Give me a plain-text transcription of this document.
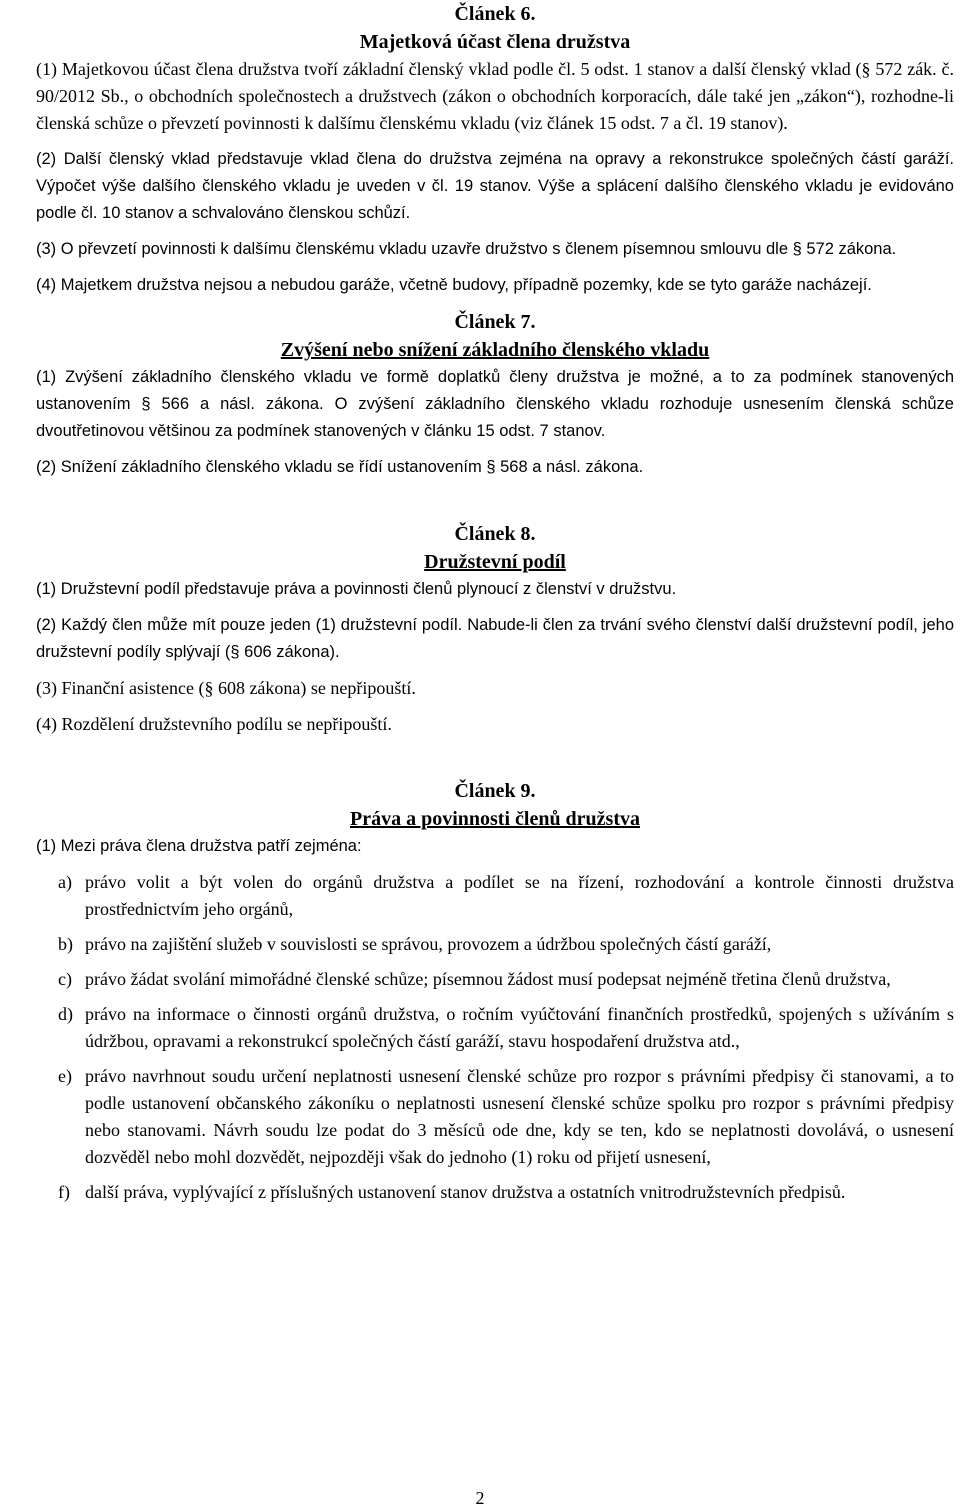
Článek 6.

Majetková účast člena družstva

(1) Majetkovou účast člena družstva tvoří základní členský vklad podle čl. 5 odst. 1 stanov a další členský vklad (§ 572 zák. č. 90/2012 Sb., o obchodních společnostech a družstvech (zákon o obchodních korporacích, dále také jen „zákon“), rozhodne-li členská schůze o převzetí povinnosti k dalšímu členskému vkladu (viz článek 15 odst. 7 a čl. 19 stanov).

(2) Další členský vklad představuje vklad člena do družstva zejména na opravy a rekonstrukce společných částí garáží. Výpočet výše dalšího členského vkladu je uveden v čl. 19 stanov. Výše a splácení dalšího členského vkladu je evidováno podle čl. 10 stanov a schvalováno členskou schůzí.

(3) O převzetí povinnosti k dalšímu členskému vkladu uzavře družstvo s členem písemnou smlouvu dle § 572 zákona.

(4) Majetkem družstva nejsou a nebudou garáže, včetně budovy, případně pozemky, kde se tyto garáže nacházejí.

Článek 7.

Zvýšení nebo snížení základního členského vkladu

(1) Zvýšení základního členského vkladu ve formě doplatků členy družstva je možné, a to za podmínek stanovených ustanovením § 566 a násl. zákona. O zvýšení základního členského vkladu rozhoduje usnesením členská schůze dvoutřetinovou většinou za podmínek stanovených v článku 15 odst. 7 stanov.

(2) Snížení základního členského vkladu se řídí ustanovením § 568 a násl. zákona.

Článek 8.

Družstevní podíl

(1) Družstevní podíl představuje práva a povinnosti členů plynoucí z členství v družstvu.

(2) Každý člen může mít pouze jeden (1) družstevní podíl. Nabude-li člen za trvání svého členství další družstevní podíl, jeho družstevní podíly splývají (§ 606 zákona).

(3) Finanční asistence (§ 608 zákona) se nepřipouští.

(4) Rozdělení družstevního podílu se nepřipouští.

Článek 9.

Práva a povinnosti členů družstva

(1) Mezi práva člena družstva patří zejména:

a) právo volit a být volen do orgánů družstva a podílet se na řízení, rozhodování a kontrole činnosti družstva prostřednictvím jeho orgánů,
b) právo na zajištění služeb v souvislosti se správou, provozem a údržbou společných částí garáží,
c) právo žádat svolání mimořádné členské schůze; písemnou žádost musí podepsat nejméně třetina členů družstva,
d) právo na informace o činnosti orgánů družstva, o ročním vyúčtování finančních prostředků, spojených s užíváním s údržbou, opravami a rekonstrukcí společných částí garáží, stavu hospodaření družstva atd.,
e) právo navrhnout soudu určení neplatnosti usnesení členské schůze pro rozpor s právními předpisy či stanovami, a to podle ustanovení občanského zákoníku o neplatnosti usnesení členské schůze spolku pro rozpor s právními předpisy nebo stanovami. Návrh soudu lze podat do 3 měsíců ode dne, kdy se ten, kdo se neplatnosti dovolává, o usnesení dozvěděl nebo mohl dozvědět, nejpozději však do jednoho (1) roku od přijetí usnesení,
f) další práva, vyplývající z příslušných ustanovení stanov družstva a ostatních vnitrodružstevních předpisů.
2
